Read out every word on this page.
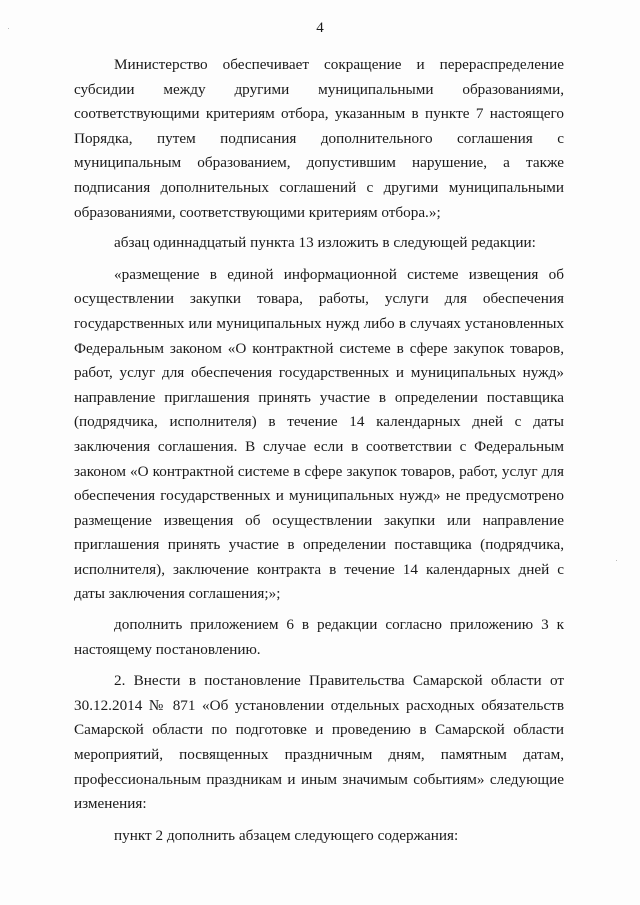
4

Министерство обеспечивает сокращение и перераспределение субсидии между другими муниципальными образованиями, соответствующими критериям отбора, указанным в пункте 7 настоящего Порядка, путем подписания дополнительного соглашения с муниципальным образованием, допустившим нарушение, а также подписания дополнительных соглашений с другими муниципальными образованиями, соответствующими критериям отбора.»;

абзац одиннадцатый пункта 13 изложить в следующей редакции:

«размещение в единой информационной системе извещения об осуществлении закупки товара, работы, услуги для обеспечения государственных или муниципальных нужд либо в случаях установленных Федеральным законом «О контрактной системе в сфере закупок товаров, работ, услуг для обеспечения государственных и муниципальных нужд» направление приглашения принять участие в определении поставщика (подрядчика, исполнителя) в течение 14 календарных дней с даты заключения соглашения. В случае если в соответствии с Федеральным законом «О контрактной системе в сфере закупок товаров, работ, услуг для обеспечения государственных и муниципальных нужд» не предусмотрено размещение извещения об осуществлении закупки или направление приглашения принять участие в определении поставщика (подрядчика, исполнителя), заключение контракта в течение 14 календарных дней с даты заключения соглашения;»;

дополнить приложением 6 в редакции согласно приложению 3 к настоящему постановлению.

2. Внести в постановление Правительства Самарской области от 30.12.2014 № 871 «Об установлении отдельных расходных обязательств Самарской области по подготовке и проведению в Самарской области мероприятий, посвященных праздничным дням, памятным датам, профессиональным праздникам и иным значимым событиям» следующие изменения:

пункт 2 дополнить абзацем следующего содержания:
